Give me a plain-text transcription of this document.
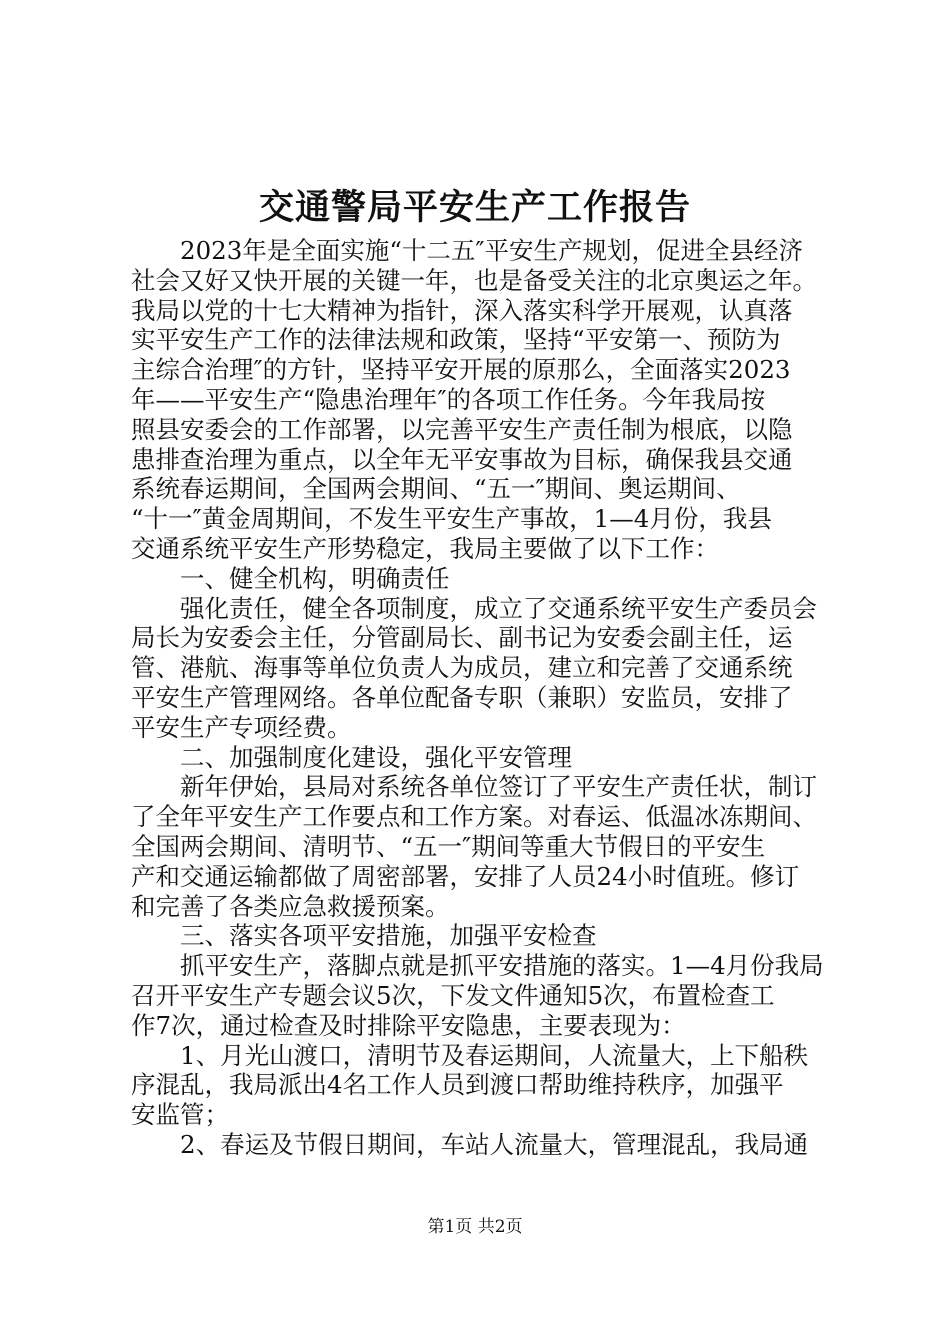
交通警局平安生产工作报告
　　2023年是全面实施“十二五″平安生产规划，促进全县经济
社会又好又快开展的关键一年，也是备受关注的北京奥运之年。
我局以党的十七大精神为指针，深入落实科学开展观，认真落
实平安生产工作的法律法规和政策，坚持“平安第一、预防为
主综合治理″的方针，坚持平安开展的原那么，全面落实2023
年——平安生产“隐患治理年″的各项工作任务。今年我局按
照县安委会的工作部署，以完善平安生产责任制为根底，以隐
患排查治理为重点，以全年无平安事故为目标，确保我县交通
系统春运期间，全国两会期间、“五一″期间、奥运期间、
“十一″黄金周期间，不发生平安生产事故，1—4月份，我县
交通系统平安生产形势稳定，我局主要做了以下工作：
　　一、健全机构，明确责任
　　强化责任，健全各项制度，成立了交通系统平安生产委员会
局长为安委会主任，分管副局长、副书记为安委会副主任，运
管、港航、海事等单位负责人为成员，建立和完善了交通系统
平安生产管理网络。各单位配备专职（兼职）安监员，安排了
平安生产专项经费。
　　二、加强制度化建设，强化平安管理
　　新年伊始，县局对系统各单位签订了平安生产责任状，制订
了全年平安生产工作要点和工作方案。对春运、低温冰冻期间、
全国两会期间、清明节、“五一″期间等重大节假日的平安生
产和交通运输都做了周密部署，安排了人员24小时值班。修订
和完善了各类应急救援预案。
　　三、落实各项平安措施，加强平安检查
　　抓平安生产，落脚点就是抓平安措施的落实。1—4月份我局
召开平安生产专题会议5次，下发文件通知5次，布置检查工
作7次，通过检查及时排除平安隐患，主要表现为：
　　1、月光山渡口，清明节及春运期间，人流量大，上下船秩
序混乱，我局派出4名工作人员到渡口帮助维持秩序，加强平
安监管；
　　2、春运及节假日期间，车站人流量大，管理混乱，我局通
第1页 共2页
